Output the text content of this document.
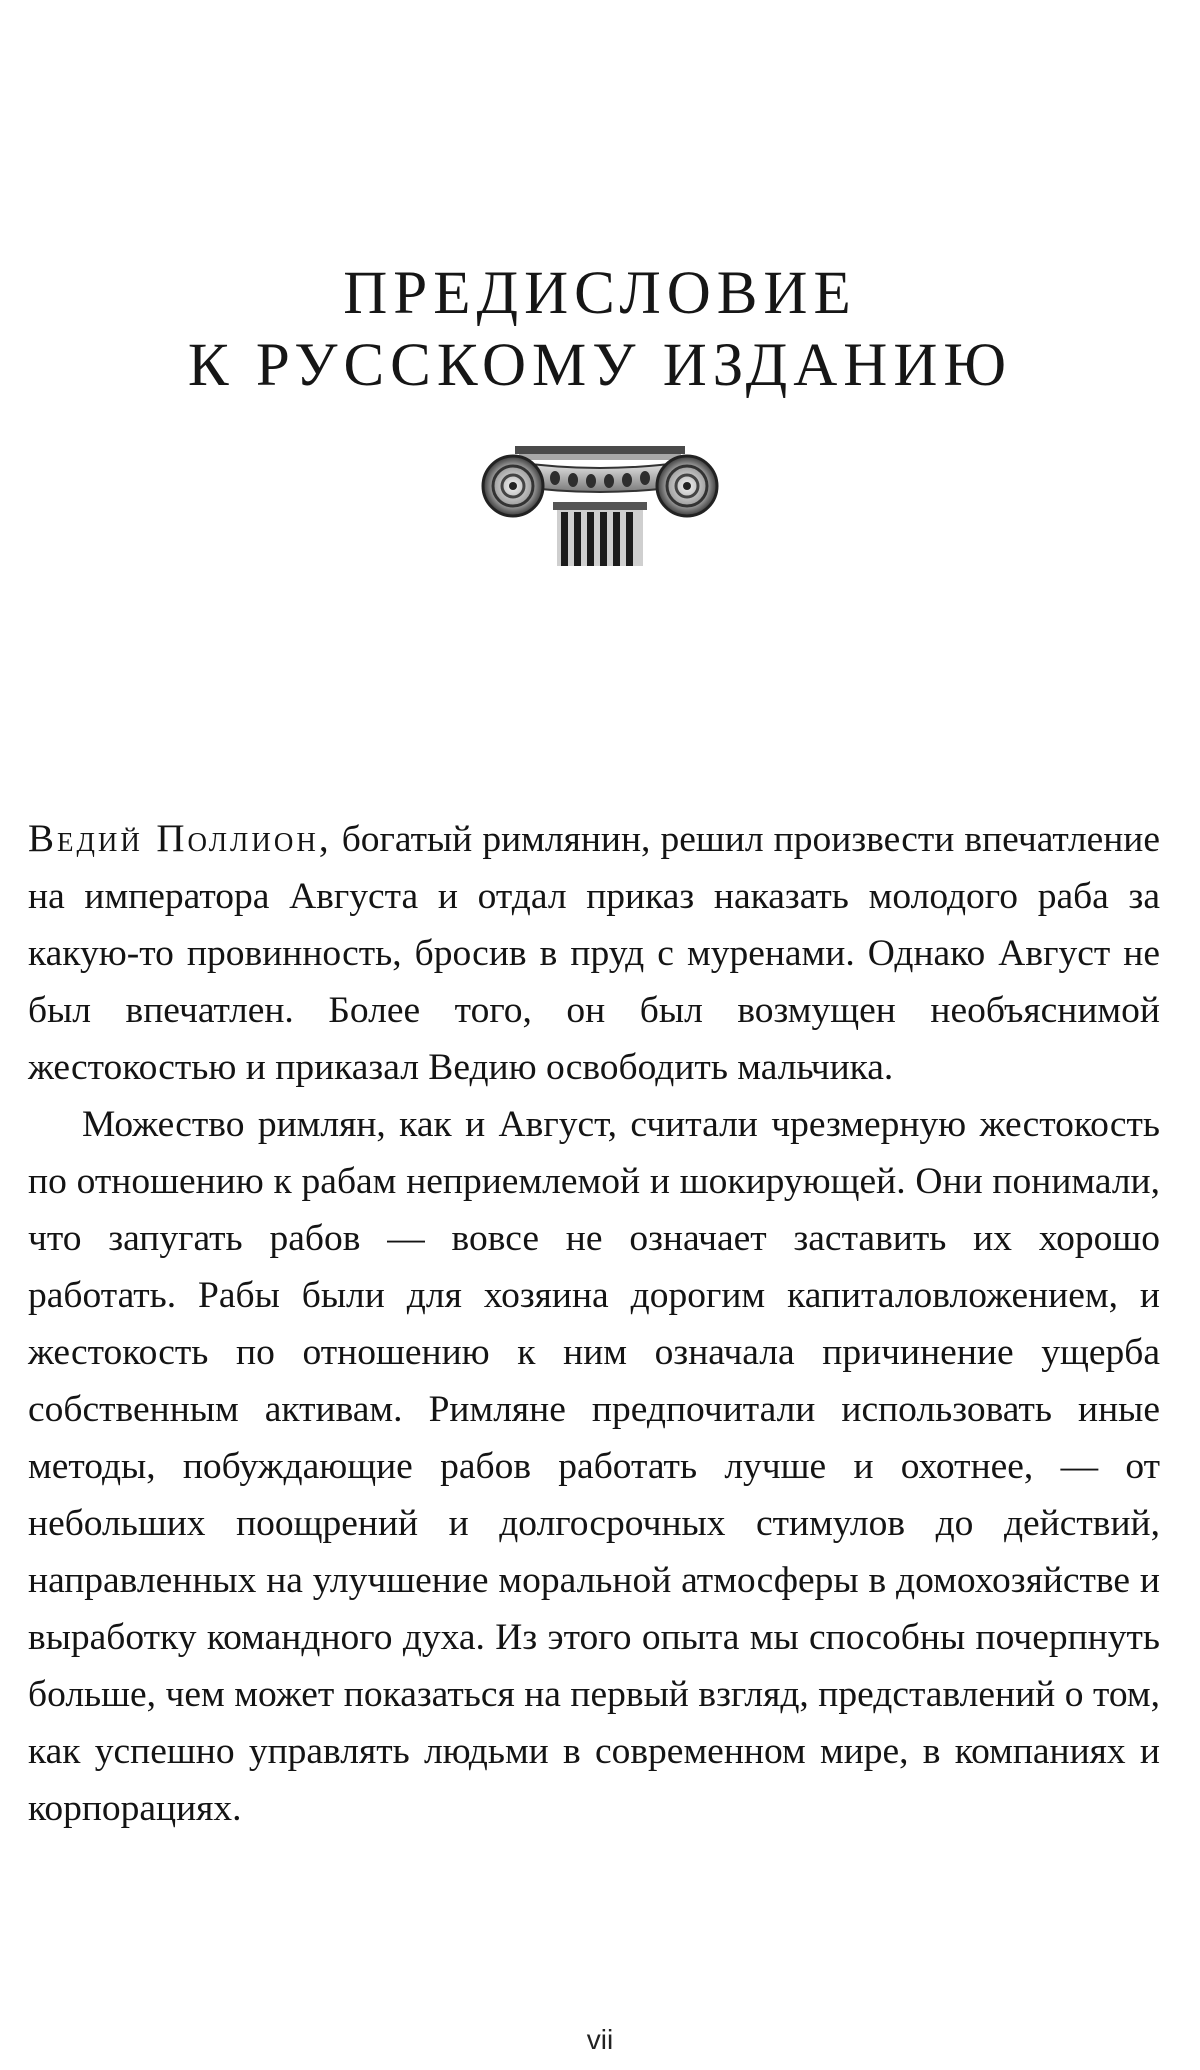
ПРЕДИСЛОВИЕ
К РУССКОМУ ИЗДАНИЮ

Ведий Поллион, богатый римлянин, решил произвести впечатление на императора Августа и отдал приказ наказать молодого раба за какую-то провинность, бросив в пруд с муренами. Однако Август не был впечатлен. Более того, он был возмущен необъяснимой жестокостью и приказал Ведию освободить мальчика.

Можество римлян, как и Август, считали чрезмерную жестокость по отношению к рабам неприемлемой и шокирующей. Они понимали, что запугать рабов — вовсе не означает заставить их хорошо работать. Рабы были для хозяина дорогим капиталовложением, и жестокость по отношению к ним означала причинение ущерба собственным активам. Римляне предпочитали использовать иные методы, побуждающие рабов работать лучше и охотнее, — от небольших поощрений и долгосрочных стимулов до действий, направленных на улучшение моральной атмосферы в домохозяйстве и выработку командного духа. Из этого опыта мы способны почерпнуть больше, чем может показаться на первый взгляд, представлений о том, как успешно управлять людьми в современном мире, в компаниях и корпорациях.

vii
